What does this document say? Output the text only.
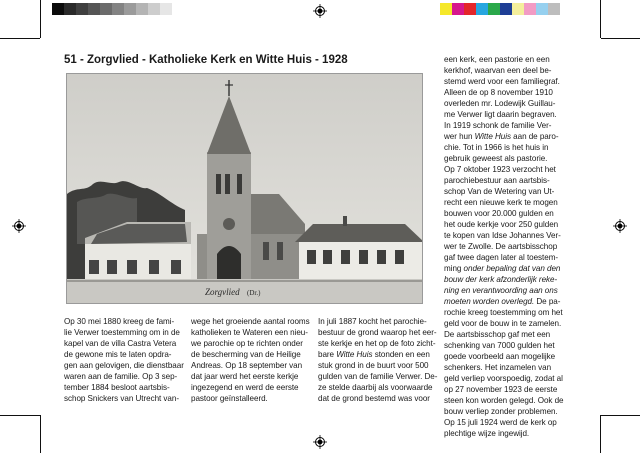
51 - Zorgvlied - Katholieke Kerk en Witte Huis - 1928
Zorgvlied (Dr.)

Op 30 mei 1880 kreeg de fami-

lie Verwer toestemming om in de

kapel van de villa Castra Vetera

de gewone mis te laten opdra-

gen aan gelovigen, die dienstbaar

waren aan de familie. Op 3 sep-

tember 1884 besloot aartsbis-

schop Snickers van Utrecht van-

wege het groeiende aantal rooms

katholieken te Wateren een nieu-

we parochie op te richten onder

de bescherming van de Heilige

Andreas. Op 18 september van

dat jaar werd het eerste kerkje

ingezegend en werd de eerste

pastoor geïnstalleerd.

In juli 1887 kocht het parochie-

bestuur de grond waarop het eer-

ste kerkje en het op de foto zicht-

bare Witte Huis stonden en een

stuk grond in de buurt voor 500

gulden van de familie Verwer. De-

ze stelde daarbij als voorwaarde

dat de grond bestemd was voor

een kerk, een pastorie en een

kerkhof, waarvan een deel be-

stemd werd voor een familiegraf.

Alleen de op 8 november 1910

overleden mr. Lodewijk Guillau-

me Verwer ligt daarin begraven.

In 1919 schonk de familie Ver-

wer hun Witte Huis aan de paro-

chie. Tot in 1966 is het huis in

gebruik geweest als pastorie.

Op 7 oktober 1923 verzocht het

parochiebestuur aan aartsbis-

schop Van de Wetering van Ut-

recht een nieuwe kerk te mogen

bouwen voor 20.000 gulden en

het oude kerkje voor 250 gulden

te kopen van Idse Johannes Ver-

wer te Zwolle. De aartsbisschop

gaf twee dagen later al toestem-

ming onder bepaling dat van den

bouw der kerk afzonderlijk reke-

ning en verantwoording aan ons

moeten worden overlegd. De pa-

rochie kreeg toestemming om het

geld voor de bouw in te zamelen.

De aartsbisschop gaf met een

schenking van 7000 gulden het

goede voorbeeld aan mogelijke

schenkers. Het inzamelen van

geld verliep voorspoedig, zodat al

op 27 november 1923 de eerste

steen kon worden gelegd. Ook de

bouw verliep zonder problemen.

Op 15 juli 1924 werd de kerk op

plechtige wijze ingewijd.
